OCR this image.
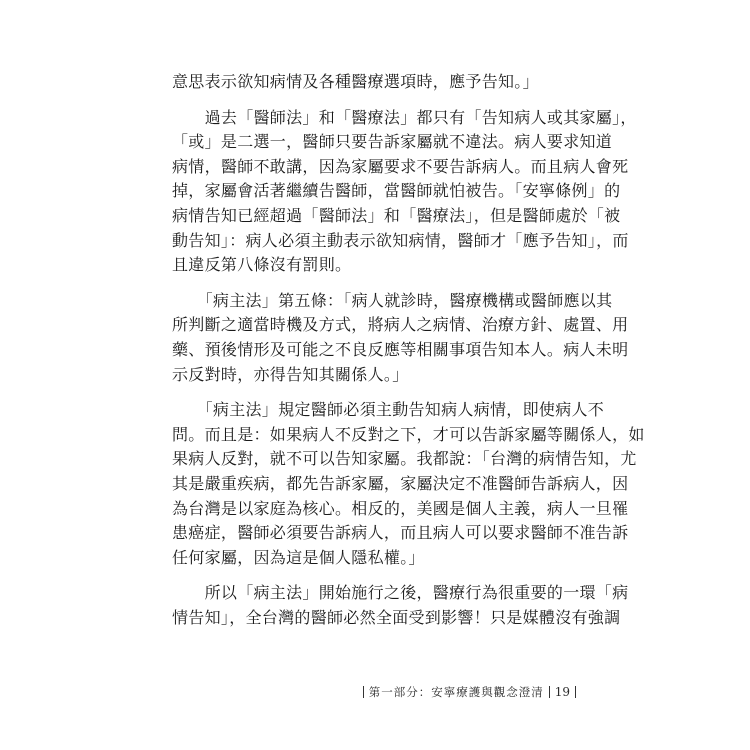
意思表示欲知病情及各種醫療選項時，應予告知。」
　　過去「醫師法」和「醫療法」都只有「告知病人或其家屬」，
「或」是二選一，醫師只要告訴家屬就不違法。病人要求知道
病情，醫師不敢講，因為家屬要求不要告訴病人。而且病人會死
掉，家屬會活著繼續告醫師，當醫師就怕被告。「安寧條例」的
病情告知已經超過「醫師法」和「醫療法」，但是醫師處於「被
動告知」：病人必須主動表示欲知病情，醫師才「應予告知」，而
且違反第八條沒有罰則。
　　「病主法」第五條：「病人就診時，醫療機構或醫師應以其
所判斷之適當時機及方式，將病人之病情、治療方針、處置、用
藥、預後情形及可能之不良反應等相關事項告知本人。病人未明
示反對時，亦得告知其關係人。」
　　「病主法」規定醫師必須主動告知病人病情，即使病人不
問。而且是：如果病人不反對之下，才可以告訴家屬等關係人，如
果病人反對，就不可以告知家屬。我都說：「台灣的病情告知，尤
其是嚴重疾病，都先告訴家屬，家屬決定不准醫師告訴病人，因
為台灣是以家庭為核心。相反的，美國是個人主義，病人一旦罹
患癌症，醫師必須要告訴病人，而且病人可以要求醫師不准告訴
任何家屬，因為這是個人隱私權。」
　　所以「病主法」開始施行之後，醫療行為很重要的一環「病
情告知」，全台灣的醫師必然全面受到影響！只是媒體沒有強調
第一部分：安寧療護與觀念澄清 19
